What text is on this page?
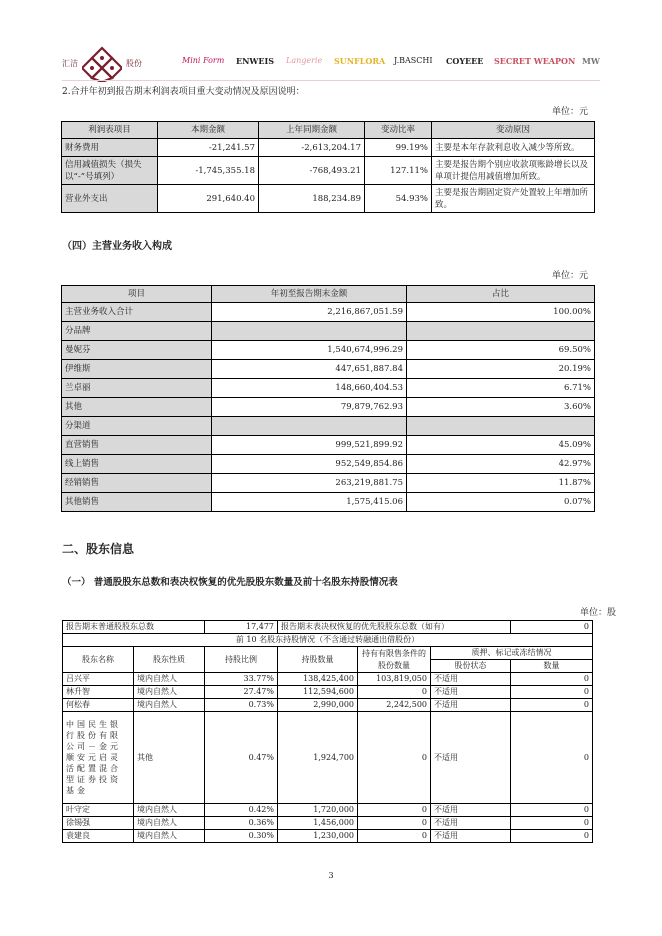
汇洁	股份	Mini Form ENWEIS Langerie SUNFLORA J.BASCHI COYEEE SECRET WEAPON MW
2.合并年初到报告期末利润表项目重大变动情况及原因说明：
单位：元
利润表项目	本期金额	上年同期金额	变动比率	变动原因
财务费用	-21,241.57	-2,613,204.17	99.19%	主要是本年存款利息收入减少等所致。
信用减值损失（损失以“-”号填列）	-1,745,355.18	-768,493.21	127.11%	主要是报告期个别应收款项账龄增长以及单项计提信用减值增加所致。
营业外支出	291,640.40	188,234.89	54.93%	主要是报告期固定资产处置较上年增加所致。
（四）主营业务收入构成
单位：元
项目	年初至报告期末金额	占比
主营业务收入合计	2,216,867,051.59	100.00%
分品牌		
曼妮芬	1,540,674,996.29	69.50%
伊维斯	447,651,887.84	20.19%
兰卓丽	148,660,404.53	6.71%
其他	79,879,762.93	3.60%
分渠道		
直营销售	999,521,899.92	45.09%
线上销售	952,549,854.86	42.97%
经销销售	263,219,881.75	11.87%
其他销售	1,575,415.06	0.07%
二、股东信息
（一） 普通股股东总数和表决权恢复的优先股股东数量及前十名股东持股情况表
单位：股
报告期末普通股股东总数		17,477	报告期末表决权恢复的优先股股东总数（如有）			0
前 10 名股东持股情况（不含通过转融通出借股份）						
股东名称	股东性质	持股比例	持股数量	持有有限售条件的股份数量	质押、标记或冻结情况	
					股份状态	数量
吕兴平	境内自然人	33.77%	138,425,400	103,819,050	不适用	0
林升智	境内自然人	27.47%	112,594,600	0	不适用	0
何松春	境内自然人	0.73%	2,990,000	2,242,500	不适用	0
中国民生银行股份有限公司－金元顺安元启灵活配置混合型证券投资基金	其他	0.47%	1,924,700	0	不适用	0
叶守定	境内自然人	0.42%	1,720,000	0	不适用	0
徐锡强	境内自然人	0.36%	1,456,000	0	不适用	0
袁建良	境内自然人	0.30%	1,230,000	0	不适用	0
3
